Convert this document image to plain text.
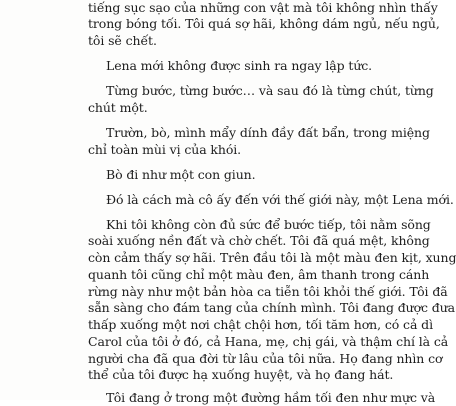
tiếng sục sạo của những con vật mà tôi không nhìn thấy
trong bóng tối. Tôi quá sợ hãi, không dám ngủ, nếu ngủ,
tôi sẽ chết.
Lena mới không được sinh ra ngay lập tức.
Từng bước, từng bước… và sau đó là từng chút, từng
chút một.
Trườn, bò, mình mẩy dính đầy đất bẩn, trong miệng
chỉ toàn mùi vị của khói.
Bò đi như một con giun.
Đó là cách mà cô ấy đến với thế giới này, một Lena mới.
Khi tôi không còn đủ sức để bước tiếp, tôi nằm sõng
soài xuống nền đất và chờ chết. Tôi đã quá mệt, không
còn cảm thấy sợ hãi. Trên đầu tôi là một màu đen kịt, xung
quanh tôi cũng chỉ một màu đen, âm thanh trong cánh
rừng này như một bản hòa ca tiễn tôi khỏi thế giới. Tôi đã
sẵn sàng cho đám tang của chính mình. Tôi đang được đưa
thấp xuống một nơi chật chội hơn, tối tăm hơn, có cả dì
Carol của tôi ở đó, cả Hana, mẹ, chị gái, và thậm chí là cả
người cha đã qua đời từ lâu của tôi nữa. Họ đang nhìn cơ
thể của tôi được hạ xuống huyệt, và họ đang hát.
Tôi đang ở trong một đường hầm tối đen như mực và
